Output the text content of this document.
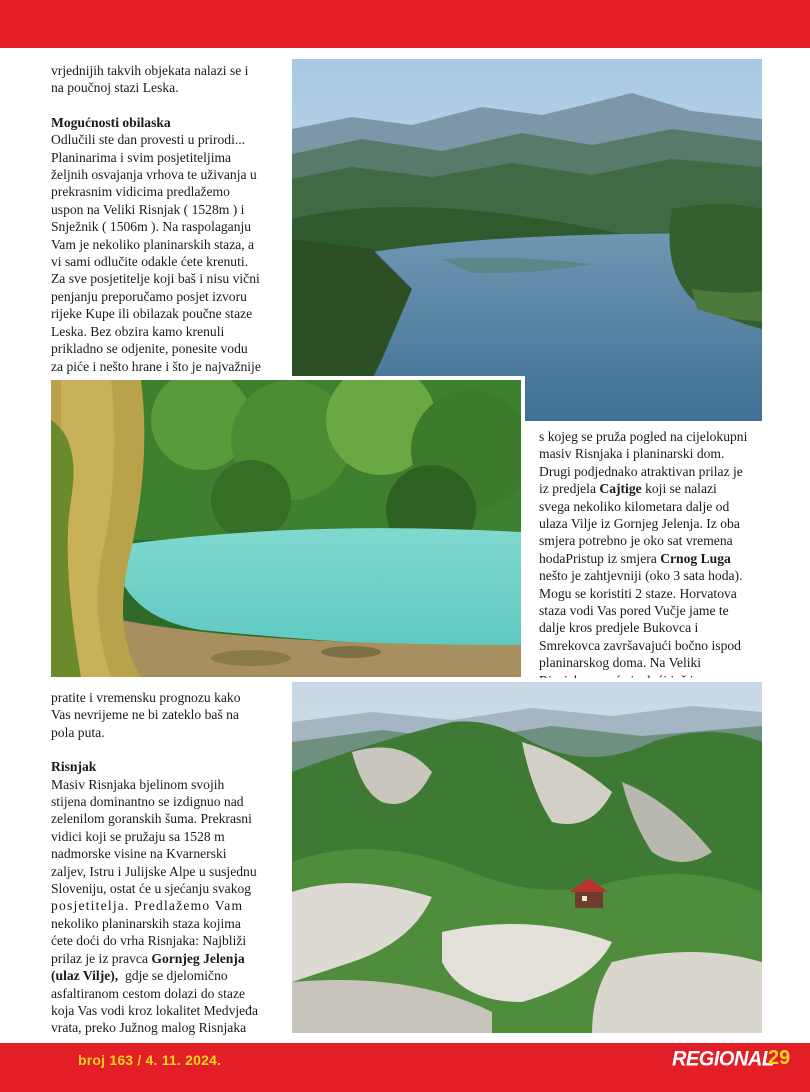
vrjednijih takvih objekata nalazi se i

na poučnoj stazi Leska.

Mogućnosti obilaska

Odlučili ste dan provesti u prirodi...

Planinarima i svim posjetiteljima

željnih osvajanja vrhova te uživanja u

prekrasnim vidicima predlažemo

uspon na Veliki Risnjak ( 1528m ) i

Snježnik ( 1506m ). Na raspolaganju

Vam je nekoliko planinarskih staza, a

vi sami odlučite odakle ćete krenuti.

Za sve posjetitelje koji baš i nisu vični

penjanju preporučamo posjet izvoru

rijeke Kupe ili obilazak poučne staze

Leska. Bez obzira kamo krenuli

prikladno se odjenite, ponesite vodu

za piće i nešto hrane i što je najvažnije

s kojeg se pruža pogled na cijelokupni

masiv Risnjaka i planinarski dom.

Drugi podjednako atraktivan prilaz je

iz predjela Cajtige koji se nalazi

svega nekoliko kilometara dalje od

ulaza Vilje iz Gornjeg Jelenja. Iz oba

smjera potrebno je oko sat vremena

hodaPristup iz smjera Crnog Luga

nešto je zahtjevniji (oko 3 sata hoda).

Mogu se koristiti 2 staze. Horvatova

staza vodi Vas pored Vučje jame te

dalje kros predjele Bukovca i

Smrekovca završavajući bočno ispod

planinarskog doma. Na Veliki

pratite i vremensku prognozu kako

Vas nevrijeme ne bi zateklo baš na

pola puta.

Risnjak

Masiv Risnjaka bjelinom svojih

stijena dominantno se izdignuo nad

zelenilom goranskih šuma. Prekrasni

vidici koji se pružaju sa 1528 m

nadmorske visine na Kvarnerski

zaljev, Istru i Julijske Alpe u susjednu

Sloveniju, ostat će u sjećanju svakog

posjetitelja. Predlažemo Vam

nekoliko planinarskih staza kojima

ćete doći do vrha Risnjaka: Najbliži

prilaz je iz pravca Gornjeg Jelenja

(ulaz Vilje),  gdje se djelomično

asfaltiranom cestom dolazi do staze

koja Vas vodi kroz lokalitet Medvjeđa

vrata, preko Južnog malog Risnjaka

broj 163 / 4. 11. 2024.	REGIONAL
29
